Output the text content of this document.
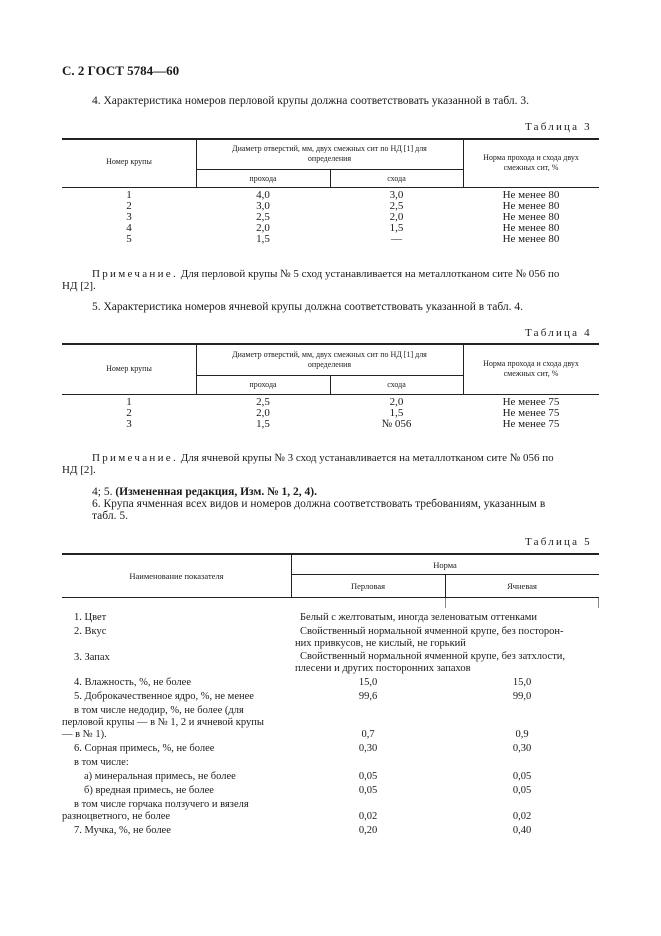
С. 2 ГОСТ 5784—60
4. Характеристика номеров перловой крупы должна соответствовать указанной в табл. 3.
Таблица 3
Номер крупы
Диаметр отверстий, мм, двух смежных сит по НД [1] для
определения
прохода	схода
Норма прохода и схода двух
смежных сит, %
1	4,0	3,0	Не менее 80
2	3,0	2,5	Не менее 80
3	2,5	2,0	Не менее 80
4	2,0	1,5	Не менее 80
5	1,5	—	Не менее 80
Примечание. Для перловой крупы № 5 сход устанавливается на металлотканом сите № 056 по
НД [2].
5. Характеристика номеров ячневой крупы должна соответствовать указанной в табл. 4.
Таблица 4
Номер крупы
Диаметр отверстий, мм, двух смежных сит по НД [1] для
определения
прохода	схода
Норма прохода и схода двух
смежных сит, %
1	2,5	2,0	Не менее 75
2	2,0	1,5	Не менее 75
3	1,5	№ 056	Не менее 75
Примечание. Для ячневой крупы № 3 сход устанавливается на металлотканом сите № 056 по
НД [2].
4; 5. (Измененная редакция, Изм. № 1, 2, 4).
6. Крупа ячменная всех видов и номеров должна соответствовать требованиям, указанным в
табл. 5.
Таблица 5
Наименование показателя
Норма
Перловая	Ячневая
1. Цвет	Белый с желтоватым, иногда зеленоватым оттенками
2. Вкус	Свойственный нормальной ячменной крупе, без посторон-
них привкусов, не кислый, не горький
3. Запах	Свойственный нормальной ячменной крупе, без затхлости,
плесени и других посторонних запахов
4. Влажность, %, не более	15,0	15,0
5. Доброкачественное ядро, %, не менее	99,6	99,0
в том числе недодир, %, не более (для
перловой крупы — в № 1, 2 и ячневой крупы
— в № 1).	0,7	0,9
6. Сорная примесь, %, не более	0,30	0,30
в том числе:
а) минеральная примесь, не более	0,05	0,05
б) вредная примесь, не более	0,05	0,05
в том числе горчака ползучего и вязеля
разноцветного, не более	0,02	0,02
7. Мучка, %, не более	0,20	0,40
